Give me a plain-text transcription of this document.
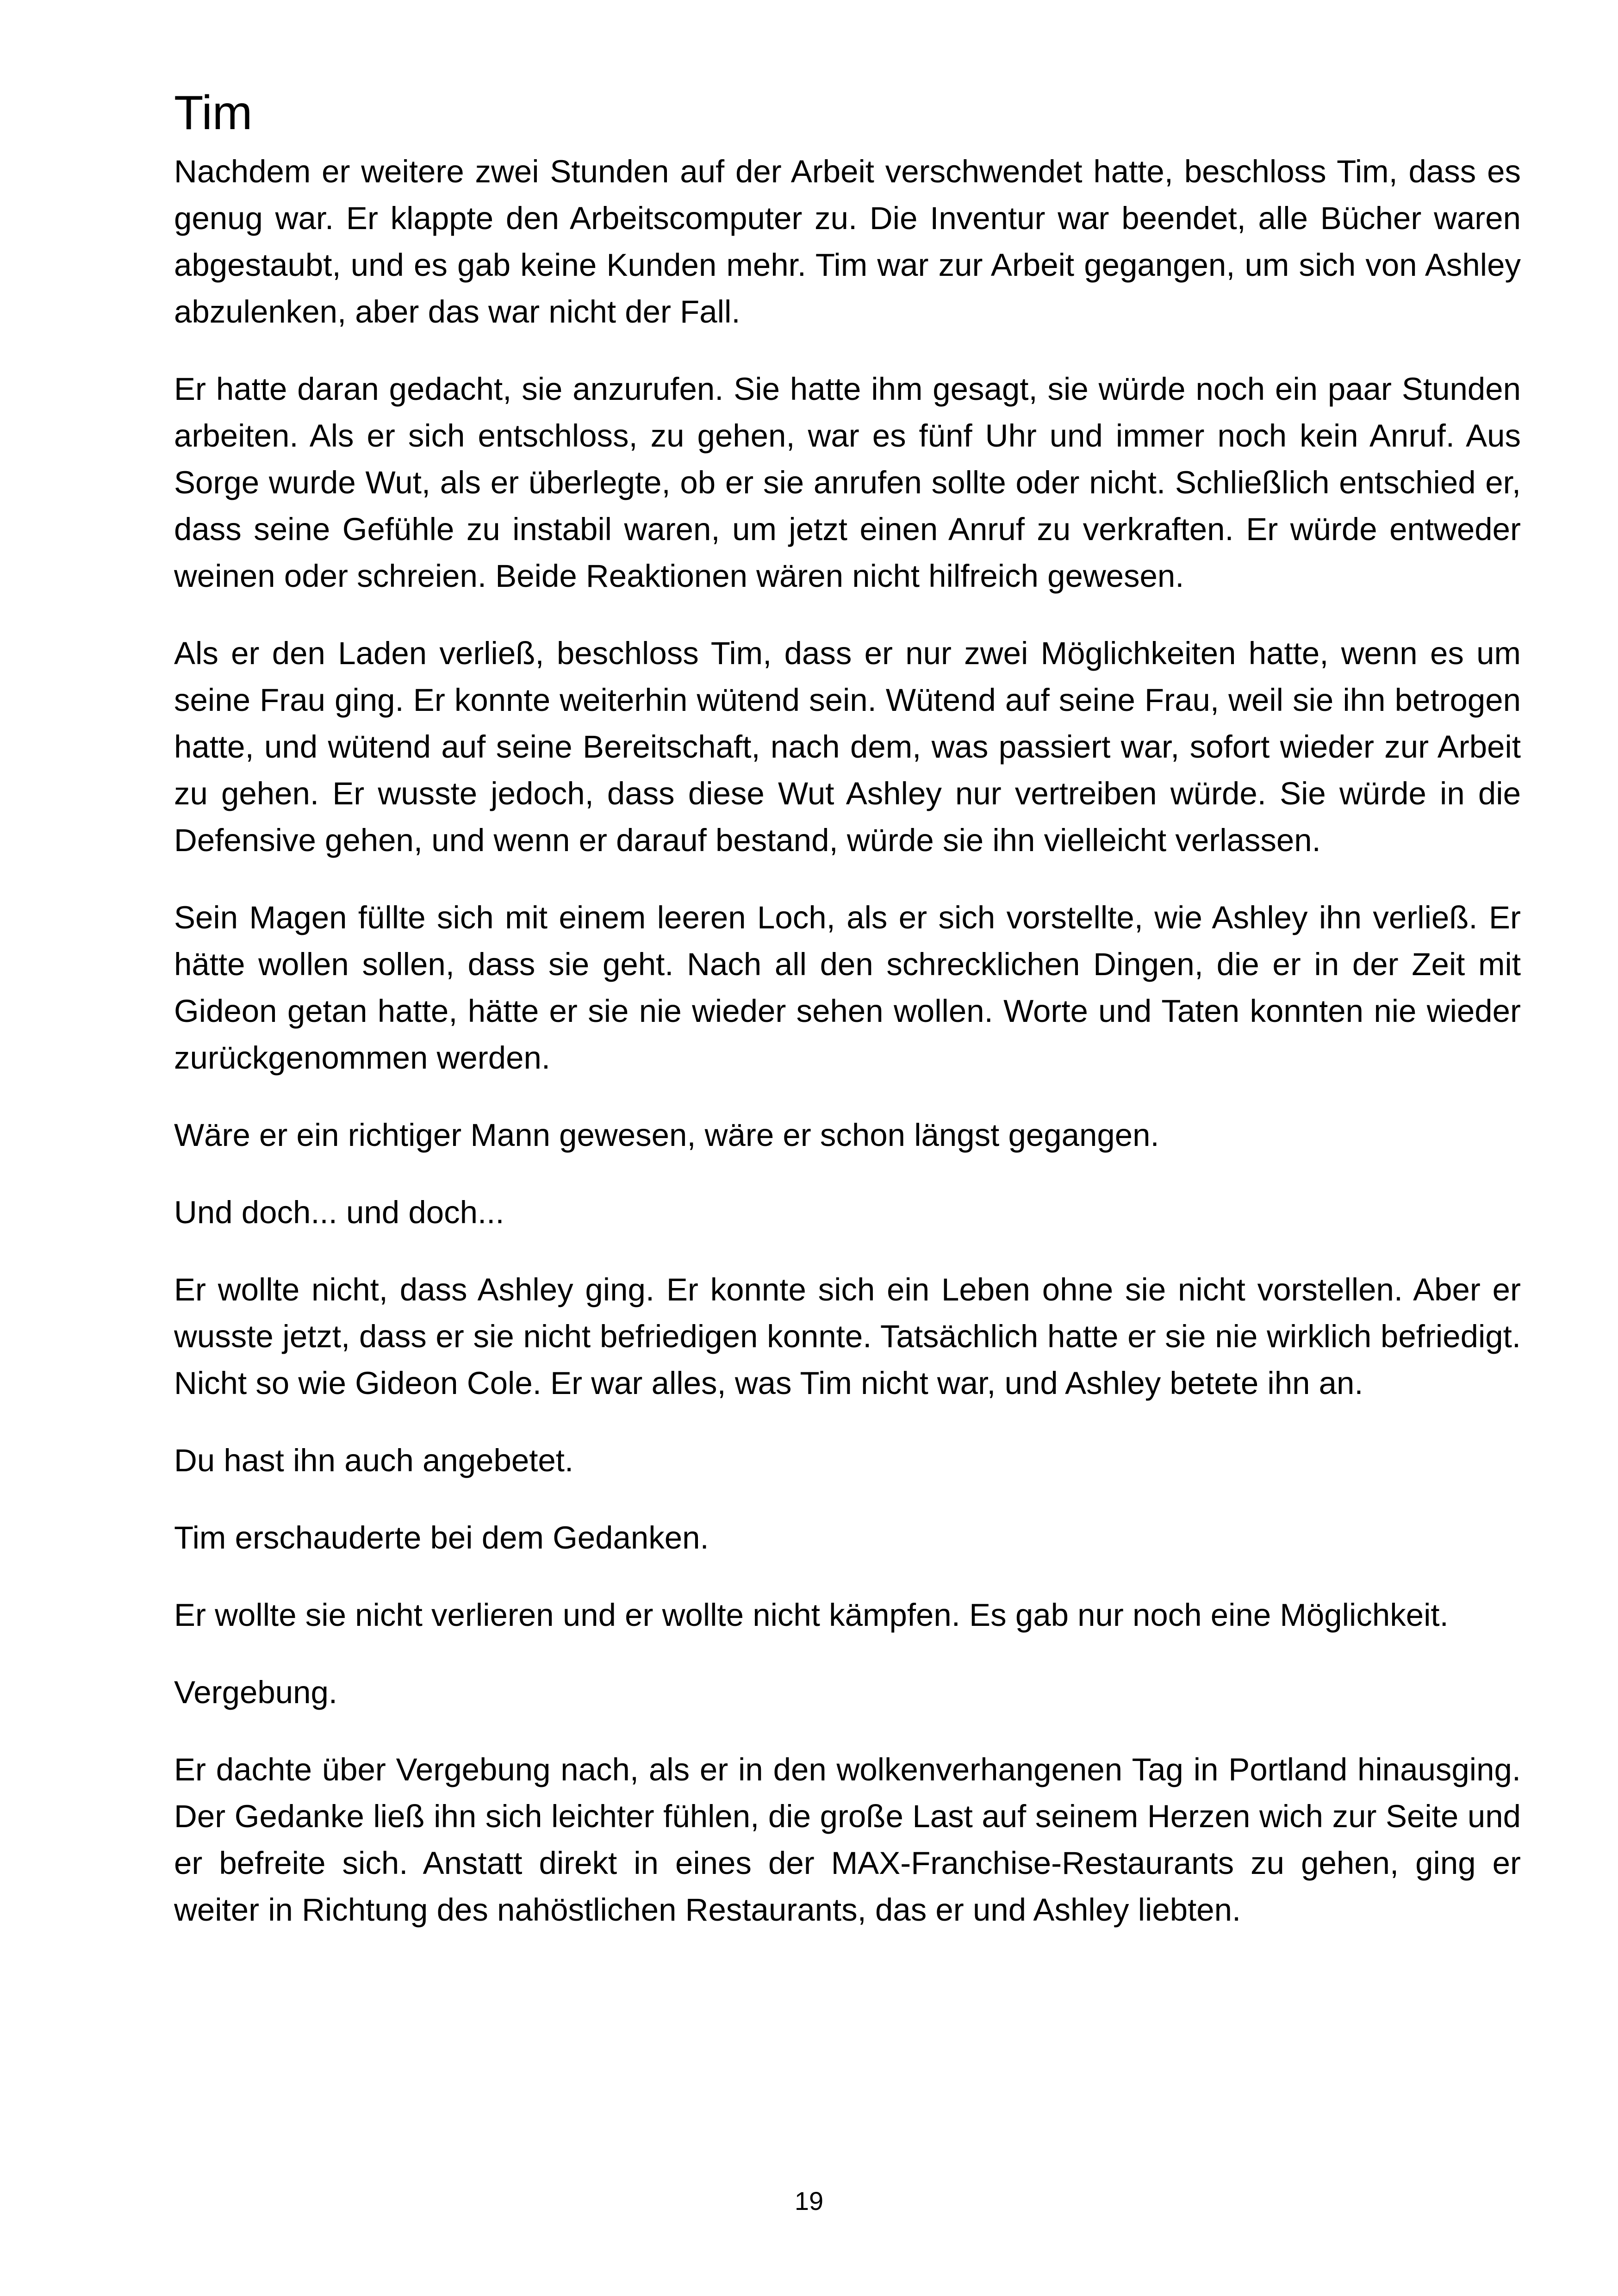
Tim

Nachdem er weitere zwei Stunden auf der Arbeit verschwendet hatte, beschloss Tim, dass es genug war. Er klappte den Arbeitscomputer zu. Die Inventur war beendet, alle Bücher waren abgestaubt, und es gab keine Kunden mehr. Tim war zur Arbeit gegangen, um sich von Ashley abzulenken, aber das war nicht der Fall.

Er hatte daran gedacht, sie anzurufen. Sie hatte ihm gesagt, sie würde noch ein paar Stunden arbeiten. Als er sich entschloss, zu gehen, war es fünf Uhr und immer noch kein Anruf. Aus Sorge wurde Wut, als er überlegte, ob er sie anrufen sollte oder nicht. Schließlich entschied er, dass seine Gefühle zu instabil waren, um jetzt einen Anruf zu verkraften. Er würde entweder weinen oder schreien. Beide Reaktionen wären nicht hilfreich gewesen.

Als er den Laden verließ, beschloss Tim, dass er nur zwei Möglichkeiten hatte, wenn es um seine Frau ging. Er konnte weiterhin wütend sein. Wütend auf seine Frau, weil sie ihn betrogen hatte, und wütend auf seine Bereitschaft, nach dem, was passiert war, sofort wieder zur Arbeit zu gehen. Er wusste jedoch, dass diese Wut Ashley nur vertreiben würde. Sie würde in die Defensive gehen, und wenn er darauf bestand, würde sie ihn vielleicht verlassen.

Sein Magen füllte sich mit einem leeren Loch, als er sich vorstellte, wie Ashley ihn verließ. Er hätte wollen sollen, dass sie geht. Nach all den schrecklichen Dingen, die er in der Zeit mit Gideon getan hatte, hätte er sie nie wieder sehen wollen. Worte und Taten konnten nie wieder zurückgenommen werden.

Wäre er ein richtiger Mann gewesen, wäre er schon längst gegangen.

Und doch... und doch...

Er wollte nicht, dass Ashley ging. Er konnte sich ein Leben ohne sie nicht vorstellen. Aber er wusste jetzt, dass er sie nicht befriedigen konnte. Tatsächlich hatte er sie nie wirklich befriedigt. Nicht so wie Gideon Cole. Er war alles, was Tim nicht war, und Ashley betete ihn an.

Du hast ihn auch angebetet.

Tim erschauderte bei dem Gedanken.

Er wollte sie nicht verlieren und er wollte nicht kämpfen. Es gab nur noch eine Möglichkeit.

Vergebung.

Er dachte über Vergebung nach, als er in den wolkenverhangenen Tag in Portland hinausging. Der Gedanke ließ ihn sich leichter fühlen, die große Last auf seinem Herzen wich zur Seite und er befreite sich. Anstatt direkt in eines der MAX-Franchise-Restaurants zu gehen, ging er weiter in Richtung des nahöstlichen Restaurants, das er und Ashley liebten.

19
